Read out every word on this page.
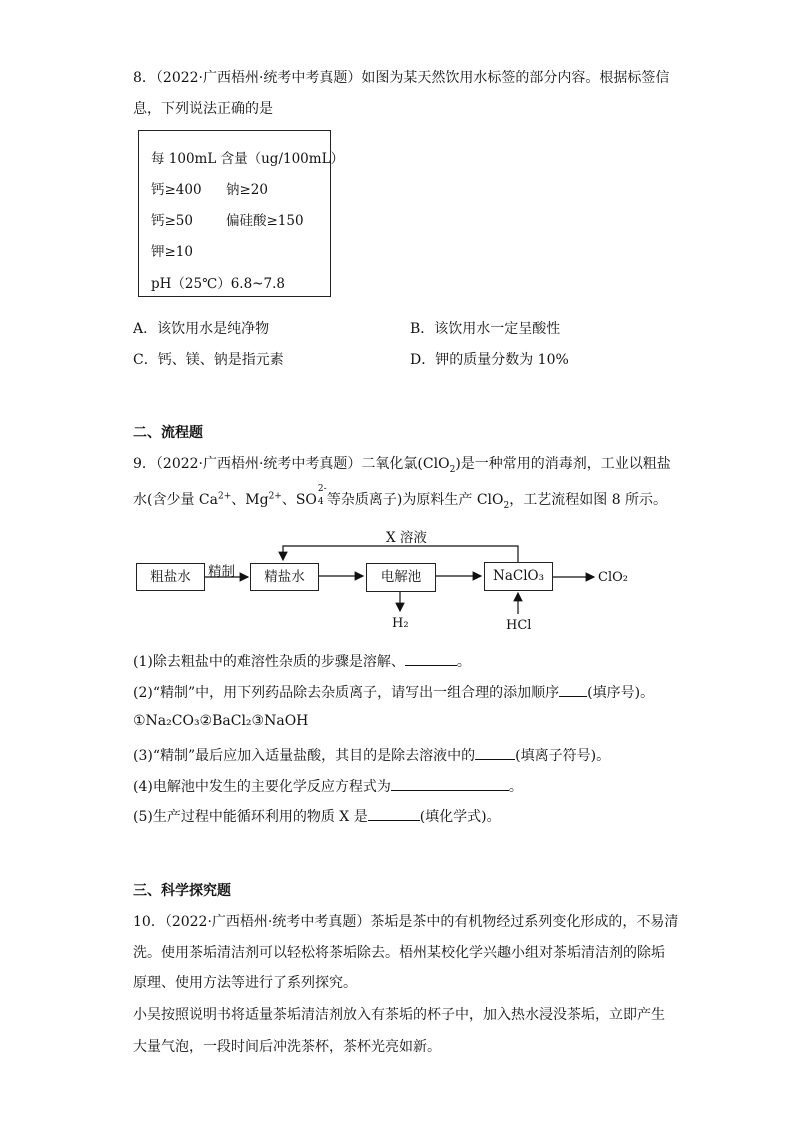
8．（2022·广西梧州·统考中考真题）如图为某天然饮用水标签的部分内容。根据标签信
息，下列说法正确的是
每 100mL 含量（ug/100mL）
钙≥400 钠≥20
钙≥50 偏硅酸≥150
钾≥10
pH（25℃）6.8~7.8
A．该饮用水是纯净物	B．该饮用水一定呈酸性
C．钙、镁、钠是指元素	D．钾的质量分数为 10%
二、流程题
9．（2022·广西梧州·统考中考真题）二氧化氯(ClO$_2$)是一种常用的消毒剂，工业以粗盐
水(含少量 $Ca^{2+}$、$Mg^{2+}$、SO
2-
4 等杂质离子)为原料生产 ClO$_2$，工艺流程如图 8 所示。
X 溶液
粗盐水	精制	精盐水	电解池	NaClO₃	ClO₂
H₂	HCl
(1)除去粗盐中的难溶性杂质的步骤是溶解、	。
(2)“精制”中，用下列药品除去杂质离子，请写出一组合理的添加顺序 (填序号)。
①Na₂CO₃②BaCl₂③NaOH
(3)“精制”最后应加入适量盐酸，其目的是除去溶液中的	(填离子符号)。
(4)电解池中发生的主要化学反应方程式为	。
(5)生产过程中能循环利用的物质 X 是	(填化学式)。
三、科学探究题
10．（2022·广西梧州·统考中考真题）茶垢是茶中的有机物经过系列变化形成的，不易清
洗。使用茶垢清洁剂可以轻松将茶垢除去。梧州某校化学兴趣小组对茶垢清洁剂的除垢
原理、使用方法等进行了系列探究。
小吴按照说明书将适量茶垢清洁剂放入有茶垢的杯子中，加入热水浸没茶垢，立即产生
大量气泡，一段时间后冲洗茶杯，茶杯光亮如新。
